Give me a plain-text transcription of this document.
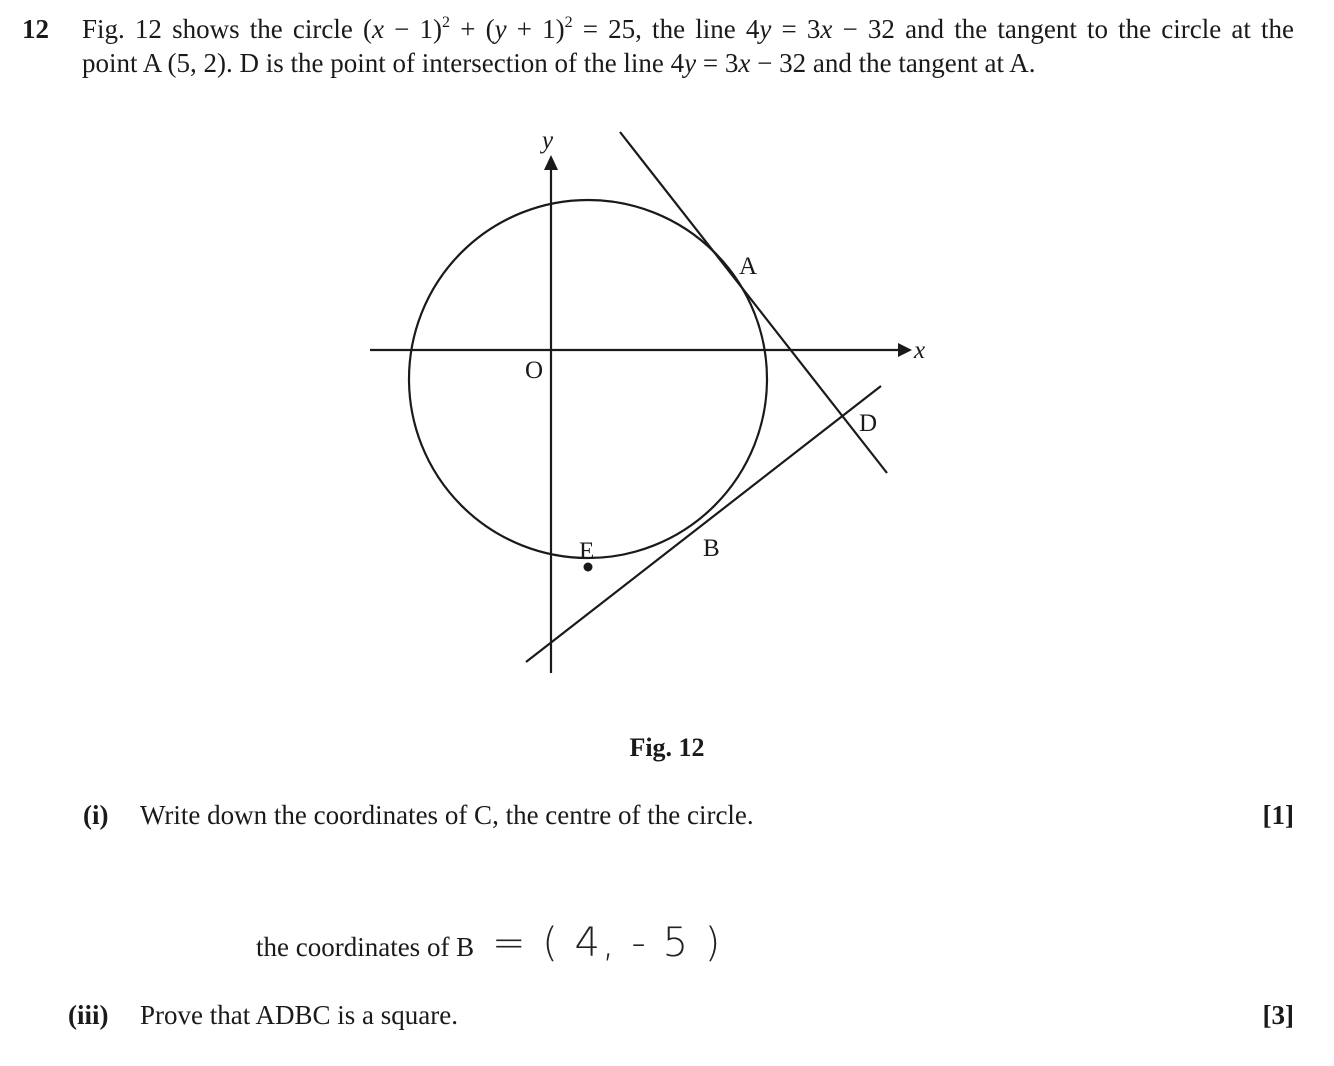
12 Fig. 12 shows the circle $(x - 1)^2 + (y + 1)^2 = 25$, the line 4y = 3x − 32 and the tangent to the circle at the
point A (5, 2). D is the point of intersection of the line 4y = 3x − 32 and the tangent at A.
y
x
O
A
D
E	B
Fig. 12
(i) Write down the coordinates of C, the centre of the circle.	[1]
the coordinates of B = ( 4, - 5 )
(iii) Prove that ADBC is a square.	[3]
